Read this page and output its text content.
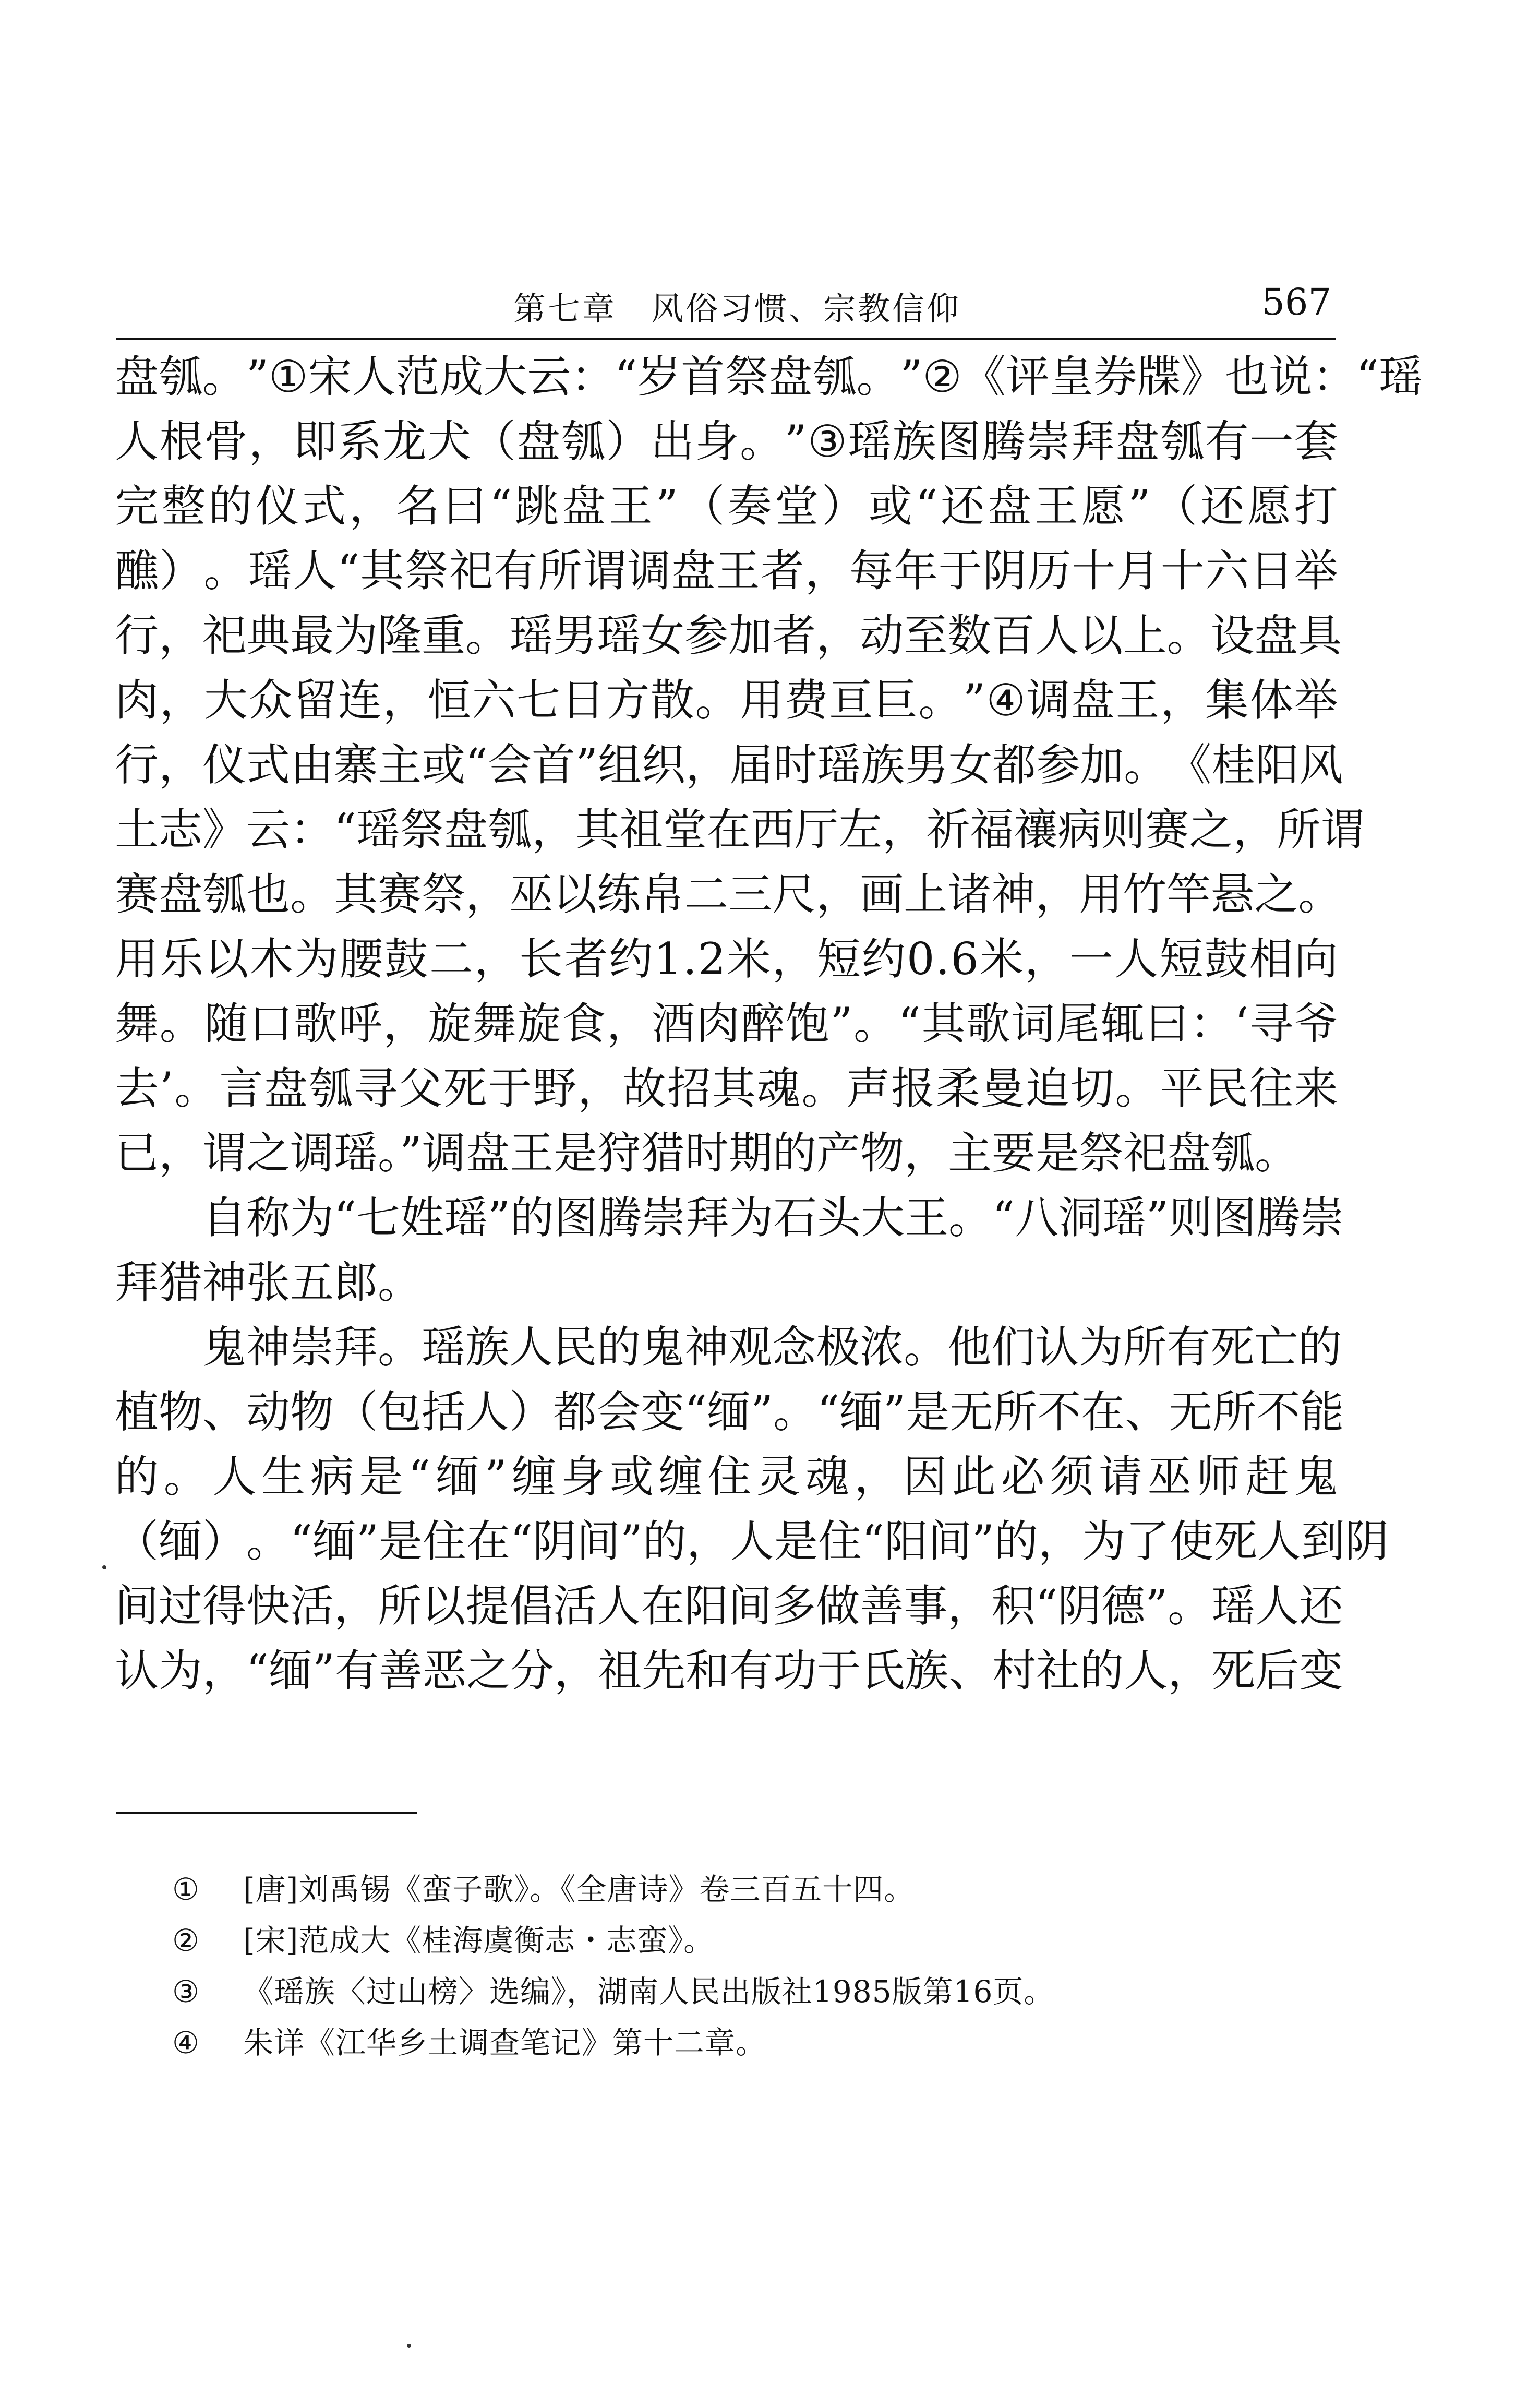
第七章　风俗习惯、宗教信仰	567
盘 瓠 。 ” ① 宋 人 范 成 大 云 ： “ 岁 首 祭 盘 瓠 。 ” ② 《 评 皇 券 牒 》 也 说 ： “ 瑶
人 根 骨 ， 即 系 龙 犬 （ 盘 瓠 ） 出 身 。 ” ③ 瑶 族 图 腾 崇 拜 盘 瓠 有 一 套
完 整 的 仪 式 ， 名 曰 “ 跳 盘 王 ” （ 奏 堂 ） 或 “ 还 盘 王 愿 ” （ 还 愿 打
醮 ） 。 瑶 人 “ 其 祭 祀 有 所 谓 调 盘 王 者 ， 每 年 于 阴 历 十 月 十 六 日 举
行 ， 祀 典 最 为 隆 重 。 瑶 男 瑶 女 参 加 者 ， 动 至 数 百 人 以 上 。 设 盘 具
肉 ， 大 众 留 连 ， 恒 六 七 日 方 散 。 用 费 亘 巨 。 ” ④ 调 盘 王 ， 集 体 举
行 ， 仪 式 由 寨 主 或 “ 会 首 ” 组 织 ， 届 时 瑶 族 男 女 都 参 加 。 《 桂 阳 风
土 志 》 云 ： “ 瑶 祭 盘 瓠 ， 其 祖 堂 在 西 厅 左 ， 祈 福 禳 病 则 赛 之 ， 所 谓
赛 盘 瓠 也 。 其 赛 祭 ， 巫 以 练 帛 二 三 尺 ， 画 上 诸 神 ， 用 竹 竿 悬 之 。
用 乐 以 木 为 腰 鼓 二 ， 长 者 约 1 . 2 米 ， 短 约 0 . 6 米 ， 一 人 短 鼓 相 向
舞 。 随 口 歌 呼 ， 旋 舞 旋 食 ， 酒 肉 醉 饱 ” 。 “ 其 歌 词 尾 辄 曰 ： ‘ 寻 爷
去 ’ 。 言 盘 瓠 寻 父 死 于 野 ， 故 招 其 魂 。 声 报 柔 曼 迫 切 。 平 民 往 来
已，谓之调瑶。”调盘王是狩猎时期的产物，主要是祭祀盘瓠。
自 称 为 “ 七 姓 瑶 ” 的 图 腾 崇 拜 为 石 头 大 王 。 “ 八 洞 瑶 ” 则 图 腾 崇
拜猎神张五郎。
鬼 神 崇 拜 。 瑶 族 人 民 的 鬼 神 观 念 极 浓 。 他 们 认 为 所 有 死 亡 的
植 物 、 动 物 （ 包 括 人 ） 都 会 变 “ 缅 ” 。 “ 缅 ” 是 无 所 不 在 、 无 所 不 能
的 。 人 生 病 是 “ 缅 ” 缠 身 或 缠 住 灵 魂 ， 因 此 必 须 请 巫 师 赶 鬼
（ 缅 ） 。 “ 缅 ” 是 住 在 “ 阴 间 ” 的 ， 人 是 住 “ 阳 间 ” 的 ， 为 了 使 死 人 到 阴
间 过 得 快 活 ， 所 以 提 倡 活 人 在 阳 间 多 做 善 事 ， 积 “ 阴 德 ” 。 瑶 人 还
认 为 ， “ 缅 ” 有 善 恶 之 分 ， 祖 先 和 有 功 于 氏 族 、 村 社 的 人 ， 死 后 变
①	[唐]刘禹锡《蛮子歌》。《全唐诗》卷三百五十四。
②	[宋]范成大《桂海虞衡志・志蛮》。
③	《瑶族〈过山榜〉选编》，湖南人民出版社1985版第16页。
④	朱详《江华乡土调查笔记》第十二章。
